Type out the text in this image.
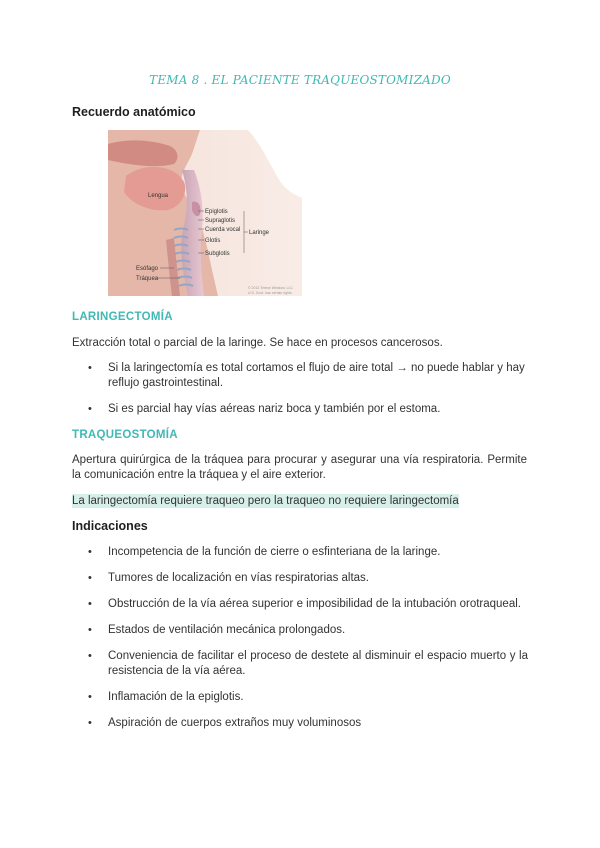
TEMA 8 . EL PACIENTE TRAQUEOSTOMIZADO
Recuerdo anatómico
Lengua
Epiglotis
Supraglotis
Cuerda vocal Laringe
Glotis
Subglotis
Esófago
Tráquea
© 2013 Terese Winslow, LLC
U.S. Govt. has certain rights
LARINGECTOMÍA
Extracción total o parcial de la laringe. Se hace en procesos cancerosos.
• Si la laringectomía es total cortamos el flujo de aire total → no puede hablar y hay reflujo gastrointestinal.
• Si es parcial hay vías aéreas nariz boca y también por el estoma.
TRAQUEOSTOMÍA
Apertura quirúrgica de la tráquea para procurar y asegurar una vía respiratoria. Permite la comunicación entre la tráquea y el aire exterior.
La laringectomía requiere traqueo pero la traqueo no requiere laringectomía
Indicaciones
• Incompetencia de la función de cierre o esfinteriana de la laringe.
• Tumores de localización en vías respiratorias altas.
• Obstrucción de la vía aérea superior e imposibilidad de la intubación orotraqueal.
• Estados de ventilación mecánica prolongados.
• Conveniencia de facilitar el proceso de destete al disminuir el espacio muerto y la resistencia de la vía aérea.
• Inflamación de la epiglotis.
• Aspiración de cuerpos extraños muy voluminosos
